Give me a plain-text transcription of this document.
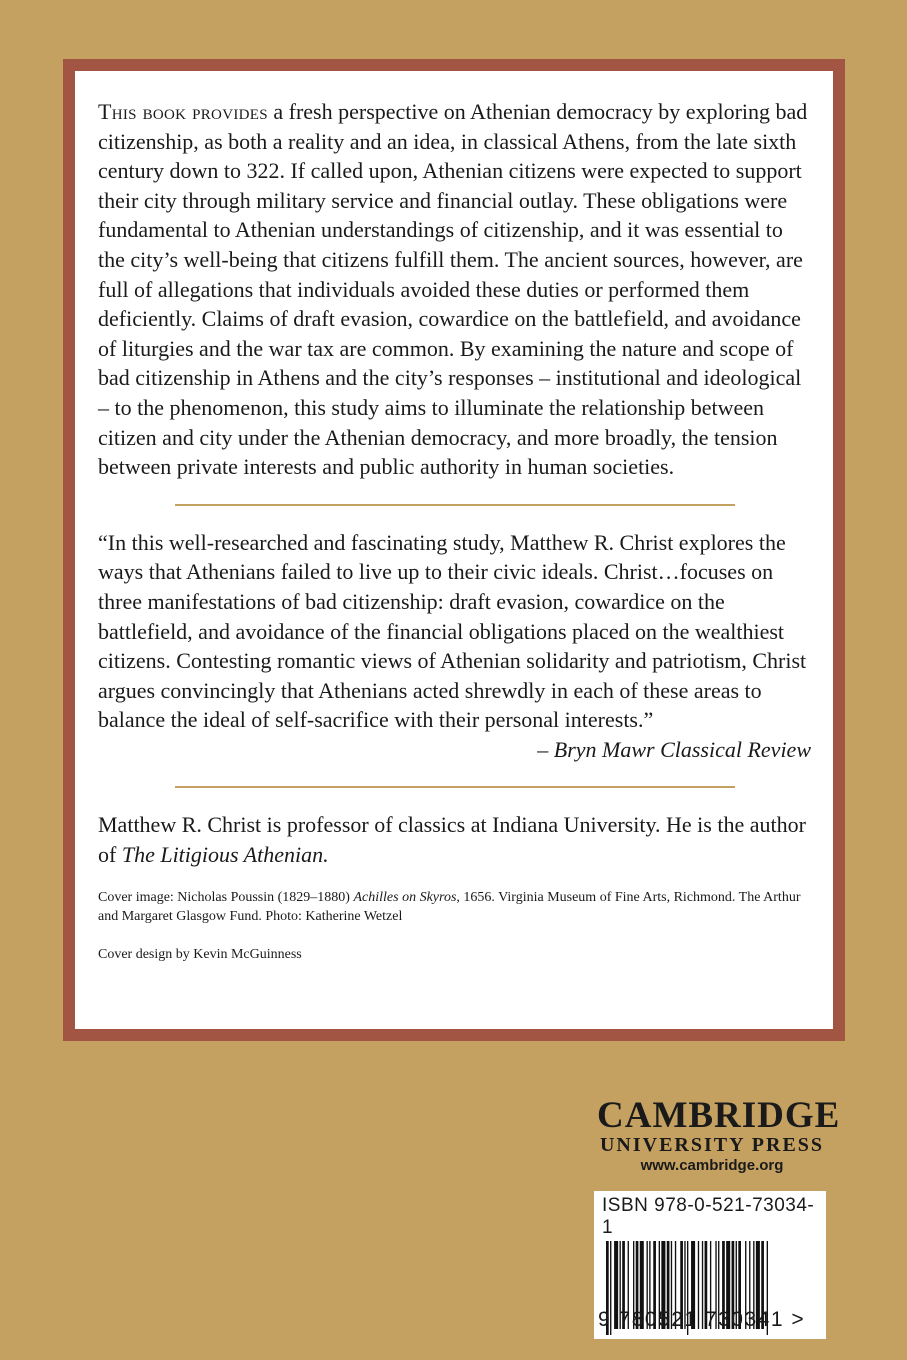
This book provides a fresh perspective on Athenian democracy by exploring bad citizenship, as both a reality and an idea, in classical Athens, from the late sixth century down to 322. If called upon, Athenian citizens were expected to support their city through military service and financial outlay. These obligations were fundamental to Athenian understandings of citizenship, and it was essential to the city’s well-being that citizens fulfill them. The ancient sources, however, are full of allegations that individuals avoided these duties or performed them deficiently. Claims of draft evasion, cowardice on the battlefield, and avoidance of liturgies and the war tax are common. By examining the nature and scope of bad citizenship in Athens and the city’s responses – institutional and ideological – to the phenomenon, this study aims to illuminate the relationship between citizen and city under the Athenian democracy, and more broadly, the tension between private interests and public authority in human societies.

“In this well-researched and fascinating study, Matthew R. Christ explores the ways that Athenians failed to live up to their civic ideals. Christ…focuses on three manifestations of bad citizenship: draft evasion, cowardice on the battlefield, and avoidance of the financial obligations placed on the wealthiest citizens. Contesting romantic views of Athenian solidarity and patriotism, Christ argues convincingly that Athenians acted shrewdly in each of these areas to balance the ideal of self-sacrifice with their personal interests.”

– Bryn Mawr Classical Review

Matthew R. Christ is professor of classics at Indiana University. He is the author of The Litigious Athenian.

Cover image: Nicholas Poussin (1829–1880) Achilles on Skyros, 1656. Virginia Museum of Fine Arts, Richmond. The Arthur and Margaret Glasgow Fund. Photo: Katherine Wetzel

Cover design by Kevin McGuinness

CAMBRIDGE
UNIVERSITY PRESS
www.cambridge.org
ISBN 978-0-521-73034-1
9 780521 730341 >
